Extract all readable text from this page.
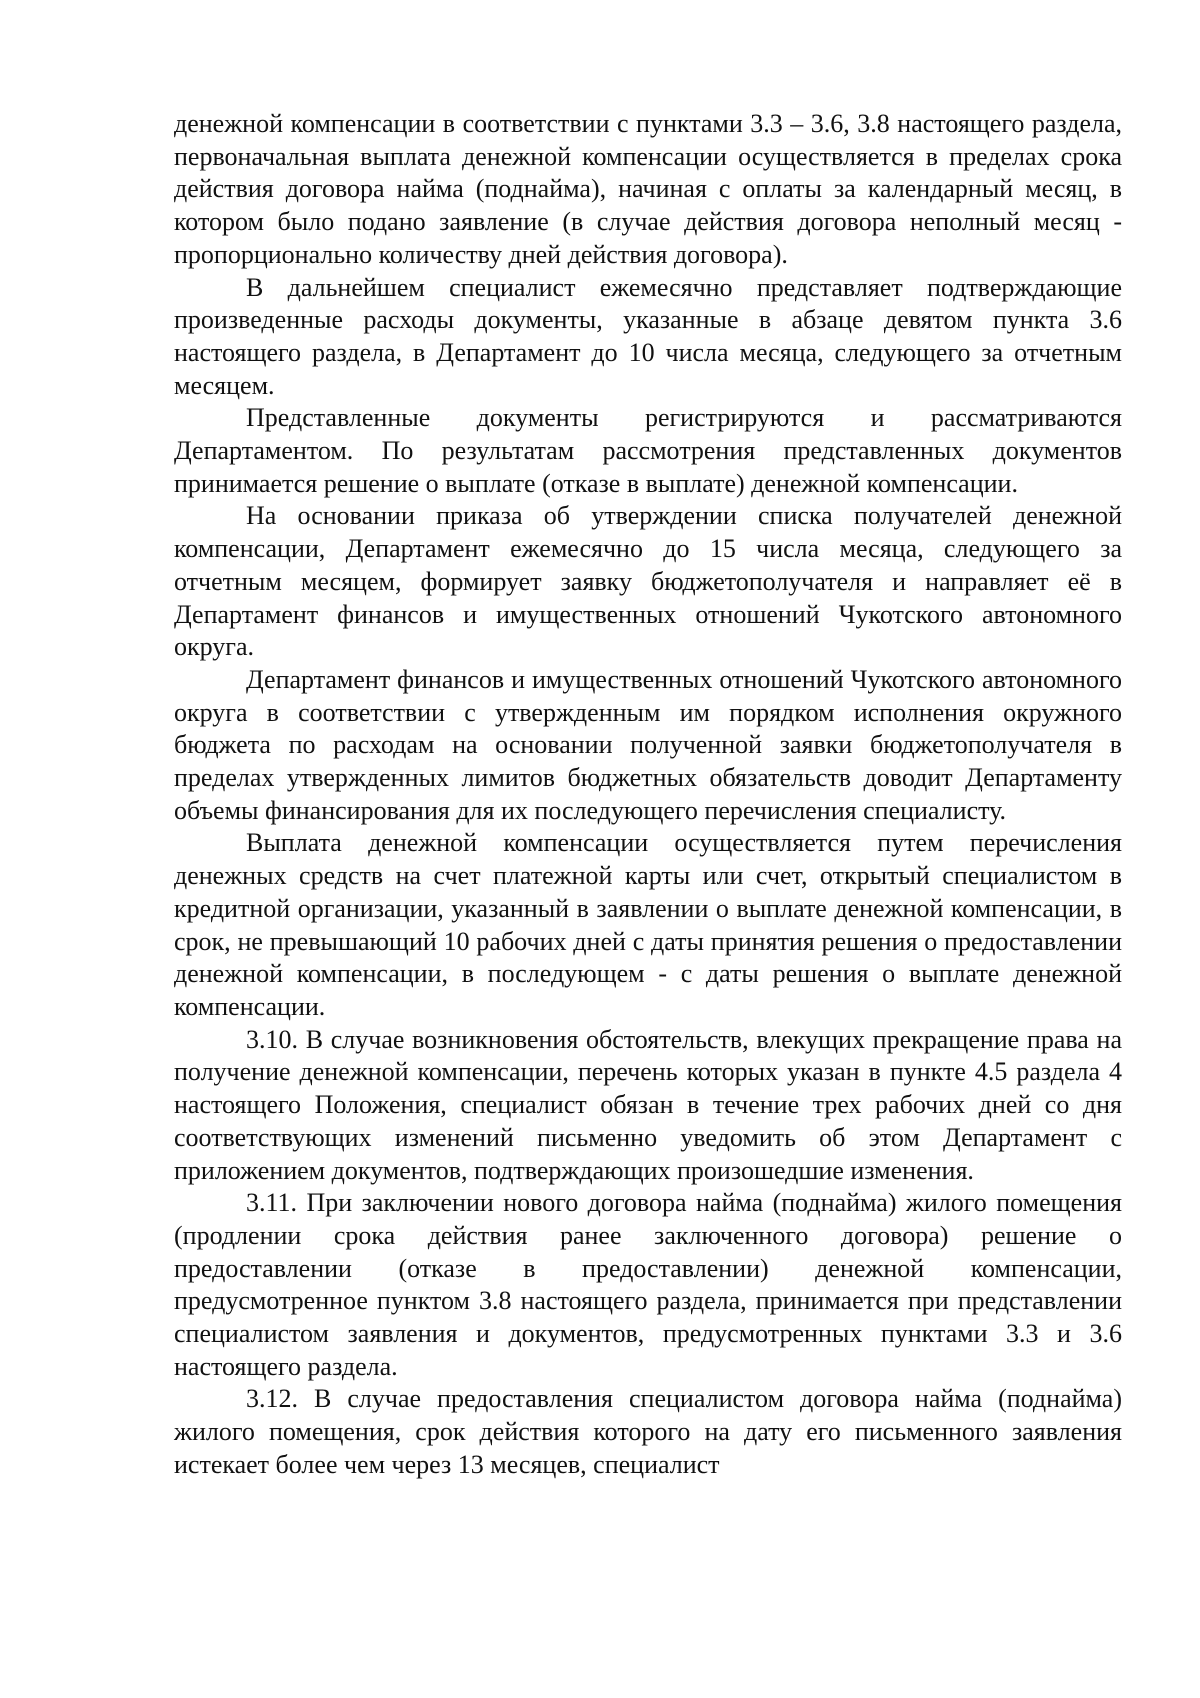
денежной компенсации в соответствии с пунктами 3.3 – 3.6, 3.8 настоящего раздела, первоначальная выплата денежной компенсации осуществляется в пределах срока действия договора найма (поднайма), начиная с оплаты за календарный месяц, в котором было подано заявление (в случае действия договора неполный месяц - пропорционально количеству дней действия договора).

В дальнейшем специалист ежемесячно представляет подтверждающие произведенные расходы документы, указанные в абзаце девятом пункта 3.6 настоящего раздела, в Департамент до 10 числа месяца, следующего за отчетным месяцем.

Представленные документы регистрируются и рассматриваются Департаментом. По результатам рассмотрения представленных документов принимается решение о выплате (отказе в выплате) денежной компенсации.

На основании приказа об утверждении списка получателей денежной компенсации, Департамент ежемесячно до 15 числа месяца, следующего за отчетным месяцем, формирует заявку бюджетополучателя и направляет её в Департамент финансов и имущественных отношений Чукотского автономного округа.

Департамент финансов и имущественных отношений Чукотского автономного округа в соответствии с утвержденным им порядком исполнения окружного бюджета по расходам на основании полученной заявки бюджетополучателя в пределах утвержденных лимитов бюджетных обязательств доводит Департаменту объемы финансирования для их последующего перечисления специалисту.

Выплата денежной компенсации осуществляется путем перечисления денежных средств на счет платежной карты или счет, открытый специалистом в кредитной организации, указанный в заявлении о выплате денежной компенсации, в срок, не превышающий 10 рабочих дней с даты принятия решения о предоставлении денежной компенсации, в последующем - с даты решения о выплате денежной компенсации.

3.10. В случае возникновения обстоятельств, влекущих прекращение права на получение денежной компенсации, перечень которых указан в пункте 4.5 раздела 4 настоящего Положения, специалист обязан в течение трех рабочих дней со дня соответствующих изменений письменно уведомить об этом Департамент с приложением документов, подтверждающих произошедшие изменения.

3.11. При заключении нового договора найма (поднайма) жилого помещения (продлении срока действия ранее заключенного договора) решение о предоставлении (отказе в предоставлении) денежной компенсации, предусмотренное пунктом 3.8 настоящего раздела, принимается при представлении специалистом заявления и документов, предусмотренных пунктами 3.3 и 3.6 настоящего раздела.

3.12. В случае предоставления специалистом договора найма (поднайма) жилого помещения, срок действия которого на дату его письменного заявления истекает более чем через 13 месяцев, специалист
